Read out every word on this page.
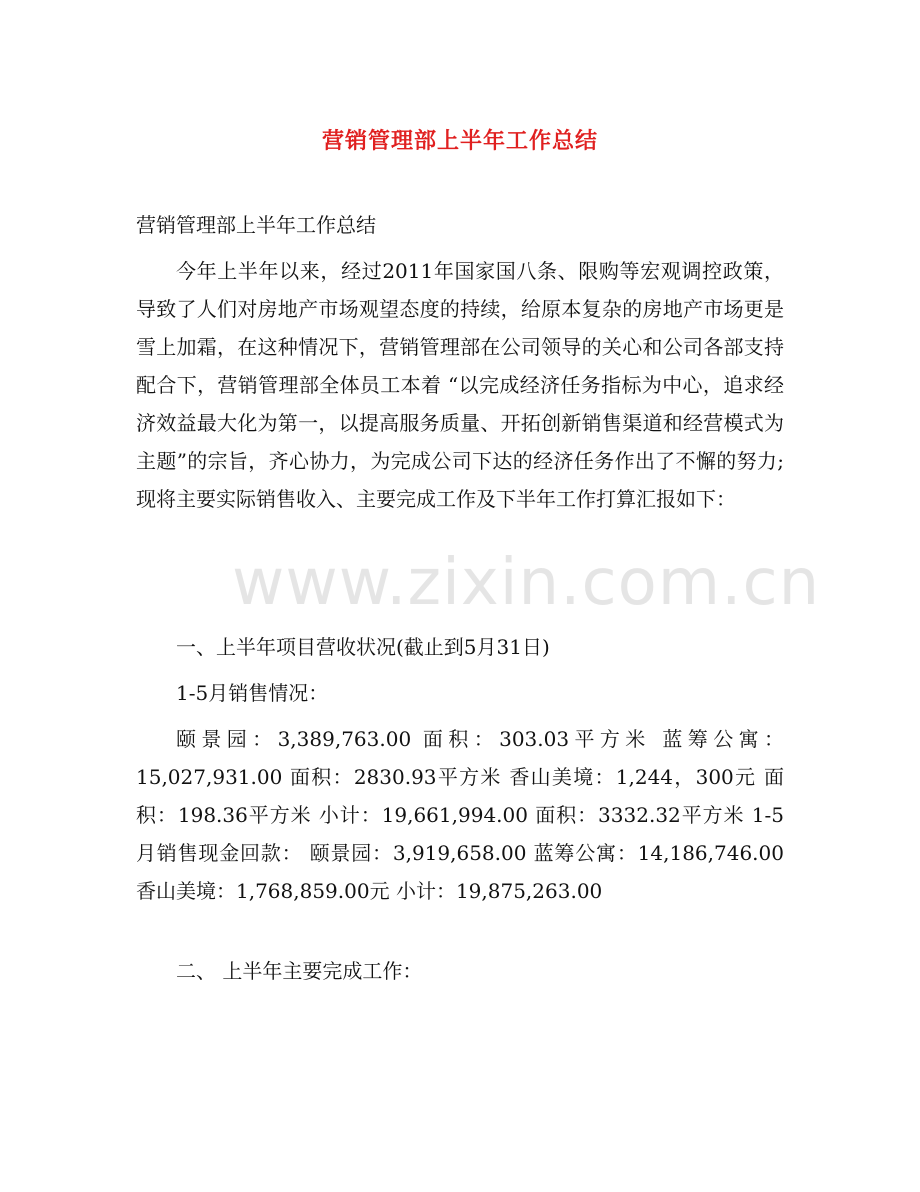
www.zixin.com.cn
营销管理部上半年工作总结
营销管理部上半年工作总结

今年上半年以来，经过2011年国家国八条、限购等宏观调控政策，导致了人们对房地产市场观望态度的持续，给原本复杂的房地产市场更是雪上加霜，在这种情况下，营销管理部在公司领导的关心和公司各部支持配合下，营销管理部全体员工本着 “以完成经济任务指标为中心，追求经济效益最大化为第一，以提高服务质量、开拓创新销售渠道和经营模式为主题”的宗旨，齐心协力，为完成公司下达的经济任务作出了不懈的努力;现将主要实际销售收入、主要完成工作及下半年工作打算汇报如下：

一、上半年项目营收状况(截止到5月31日)

1-5月销售情况：

颐景园：3,389,763.00 面积：303.03平方米 蓝筹公寓：15,027,931.00 面积：2830.93平方米 香山美境：1,244，300元 面积：198.36平方米 小计：19,661,994.00 面积：3332.32平方米 1-5月销售现金回款： 颐景园：3,919,658.00 蓝筹公寓：14,186,746.00 香山美境：1,768,859.00元 小计：19,875,263.00

二、 上半年主要完成工作：
